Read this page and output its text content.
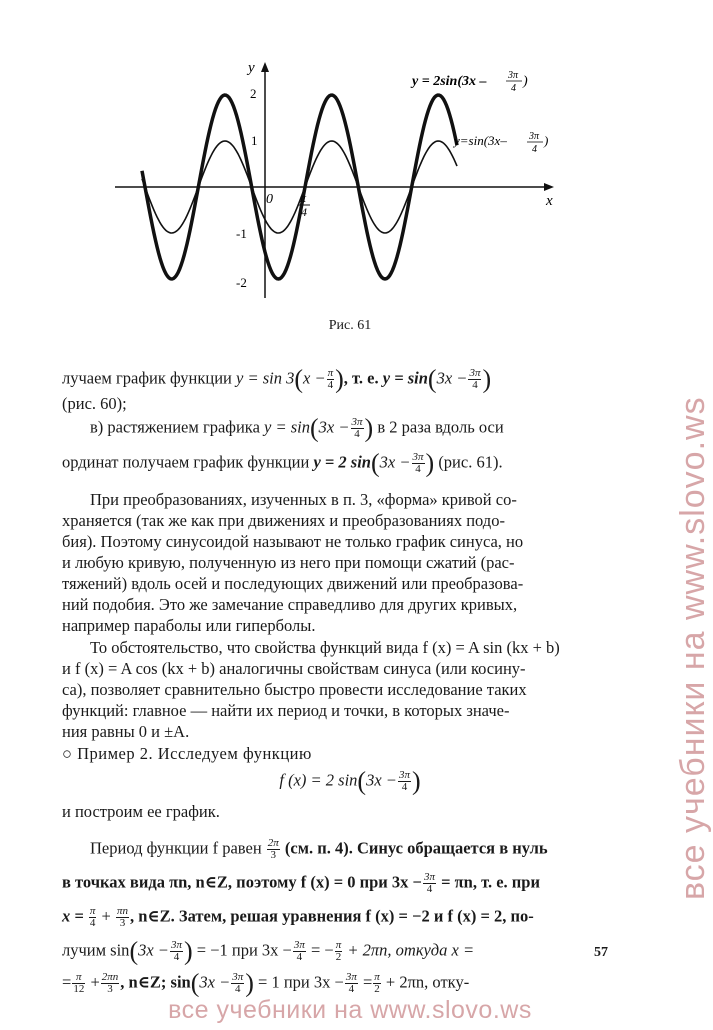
y
x
0
2
1
-1
-2
π
4
y = 2sin(3x – 3π
4 )
y=sin(3x– 3π
4
)
Рис. 61
лучаем график функции $y = \sin 3(x - \frac{\pi}{4}$ ), т. е. $y = \sin(3x - \frac{3\pi}{4}$ )
(рис. 60);
в) растяжением графика $y = \sin(3x - \frac{3\pi}{4}$ ) в 2 раза вдоль оси
ординат получаем график функции y = 2 $\sin(3x - \frac{3\pi}{4}$ ) (рис. 61).
При преобразованиях, изученных в п. 3, «форма» кривой со-
храняется (так же как при движениях и преобразованиях подо-
бия). Поэтому синусоидой называют не только график синуса, но
и любую кривую, полученную из него при помощи сжатий (рас-
тяжений) вдоль осей и последующих движений или преобразова-
ний подобия. Это же замечание справедливо для других кривых,
например параболы или гиперболы.
То обстоятельство, что свойства функций вида f (x) = A sin (kx + b)
и f (x) = A cos (kx + b) аналогичны свойствам синуса (или косину-
са), позволяет сравнительно быстро провести исследование таких
функций: главное — найти их период и точки, в которых значе-
ния равны 0 и ±A.
○ Пример 2. Исследуем функцию
f (x) = 2 $\sin(3x - \frac{3\pi}{4}$ )
и построим ее график.
Период функции f равен $\frac{2\pi}{3} (см$. п. 4). Синус обращается в нуль
в точках вида πn, n∈Z, поэтому f (x) = 0 при $3x - \frac{3\pi}{4} = \pi n$, т. е. при
$x = \frac{\pi}{4} + \frac{\pi n}{3}$ , n∈Z. Затем, решая уравнения f (x) = −2 и f (x) = 2, по-
лучим $\sin(3x - \frac{3\pi}{4}$ ) = −1 при $3x - \frac{3\pi}{4}$ = − $\frac{\pi}{2} + 2\pi n$, откуда x =
= $\frac{\pi}{12} + \frac{2\pi n}{3}$ , n∈Z; $\sin(3x - \frac{3\pi}{4}$ ) = 1 при $3x - \frac{3\pi}{4} = \frac{\pi}{2} + 2\pi n$, отку-
57
все учебники на www.slovo.ws
все учебники на www.slovo.ws
